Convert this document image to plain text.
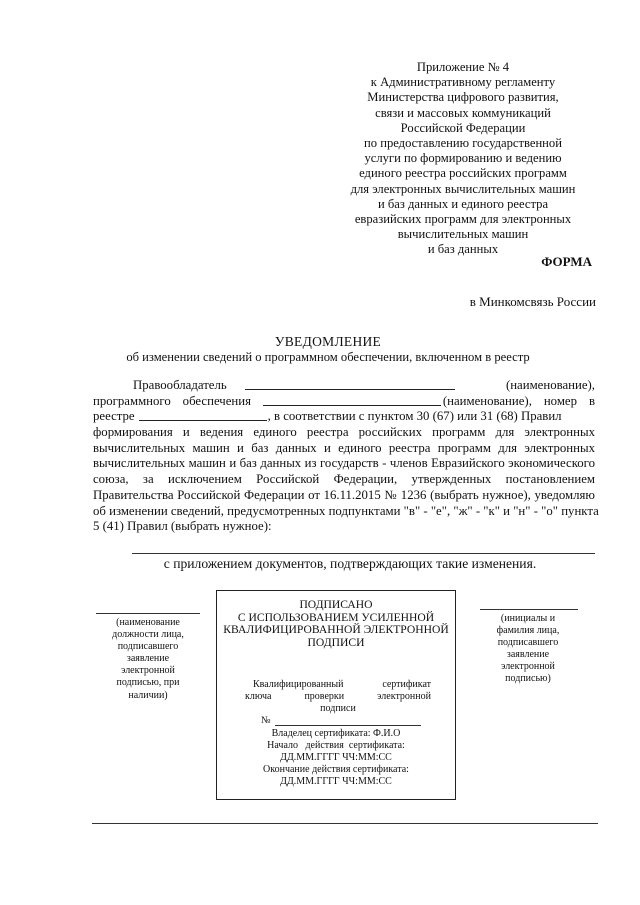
Приложение № 4
к Административному регламенту
Министерства цифрового развития,
связи и массовых коммуникаций
Российской Федерации
по предоставлению государственной
услуги по формированию и ведению
единого реестра российских программ
для электронных вычислительных машин
и баз данных и единого реестра
евразийских программ для электронных
вычислительных машин
и баз данных
ФОРМА
в Минкомсвязь России
УВЕДОМЛЕНИЕ
об изменении сведений о программном обеспечении, включенном в реестр
Правообладатель	(наименование),
программного обеспечения	(наименование), номер в
реестре	, в соответствии с пунктом 30 (67) или 31 (68) Правил
формирования и ведения единого реестра российских программ для электронных
вычислительных машин и баз данных и единого реестра программ для электронных
вычислительных машин и баз данных из государств - членов Евразийского экономического
союза, за исключением Российской Федерации, утвержденных постановлением
Правительства Российской Федерации от 16.11.2015 № 1236 (выбрать нужное), уведомляю
об изменении сведений, предусмотренных подпунктами "в" - "е", "ж" - "к" и "н" - "о" пункта
5 (41) Правил (выбрать нужное):
с приложением документов, подтверждающих такие изменения.
(наименование
должности лица,
подписавшего
заявление
электронной
подписью, при
наличии)
(инициалы и
фамилия лица,
подписавшего
заявление
электронной
подписью)
ПОДПИСАНО
С ИСПОЛЬЗОВАНИЕМ УСИЛЕННОЙ
КВАЛИФИЦИРОВАННОЙ ЭЛЕКТРОННОЙ
ПОДПИСИ
Квалифицированный	сертификат
ключа	проверки	электронной
подписи
№
Владелец сертификата: Ф.И.О
Начало   действия  сертификата:
ДД.ММ.ГГГГ ЧЧ:ММ:СС
Окончание действия сертификата:
ДД.ММ.ГГГГ ЧЧ:ММ:СС
